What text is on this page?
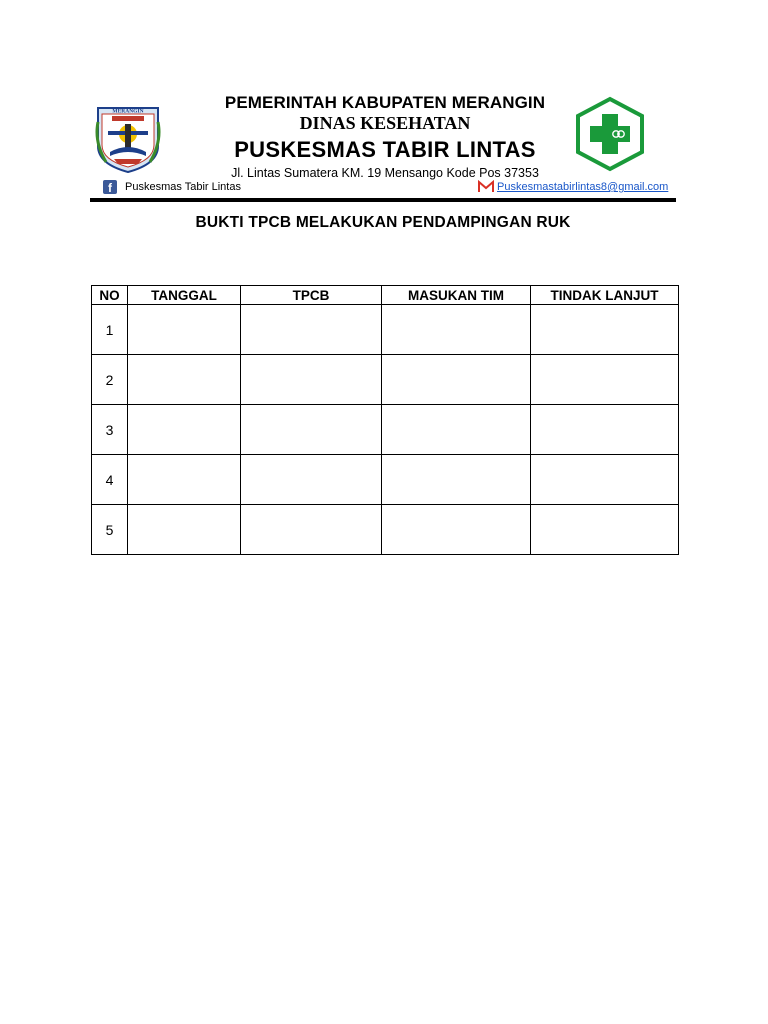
MERANGIN	PEMERINTAH KABUPATEN MERANGIN
DINAS KESEHATAN
PUSKESMAS TABIR LINTAS
Jl. Lintas Sumatera KM. 19 Mensango Kode Pos 37353
f	Puskesmas Tabir Lintas	Puskesmastabirlintas8@gmail.com
BUKTI TPCB MELAKUKAN PENDAMPINGAN RUK
NO	TANGGAL	TPCB	MASUKAN TIM	TINDAK LANJUT
1				
2				
3				
4				
5				
